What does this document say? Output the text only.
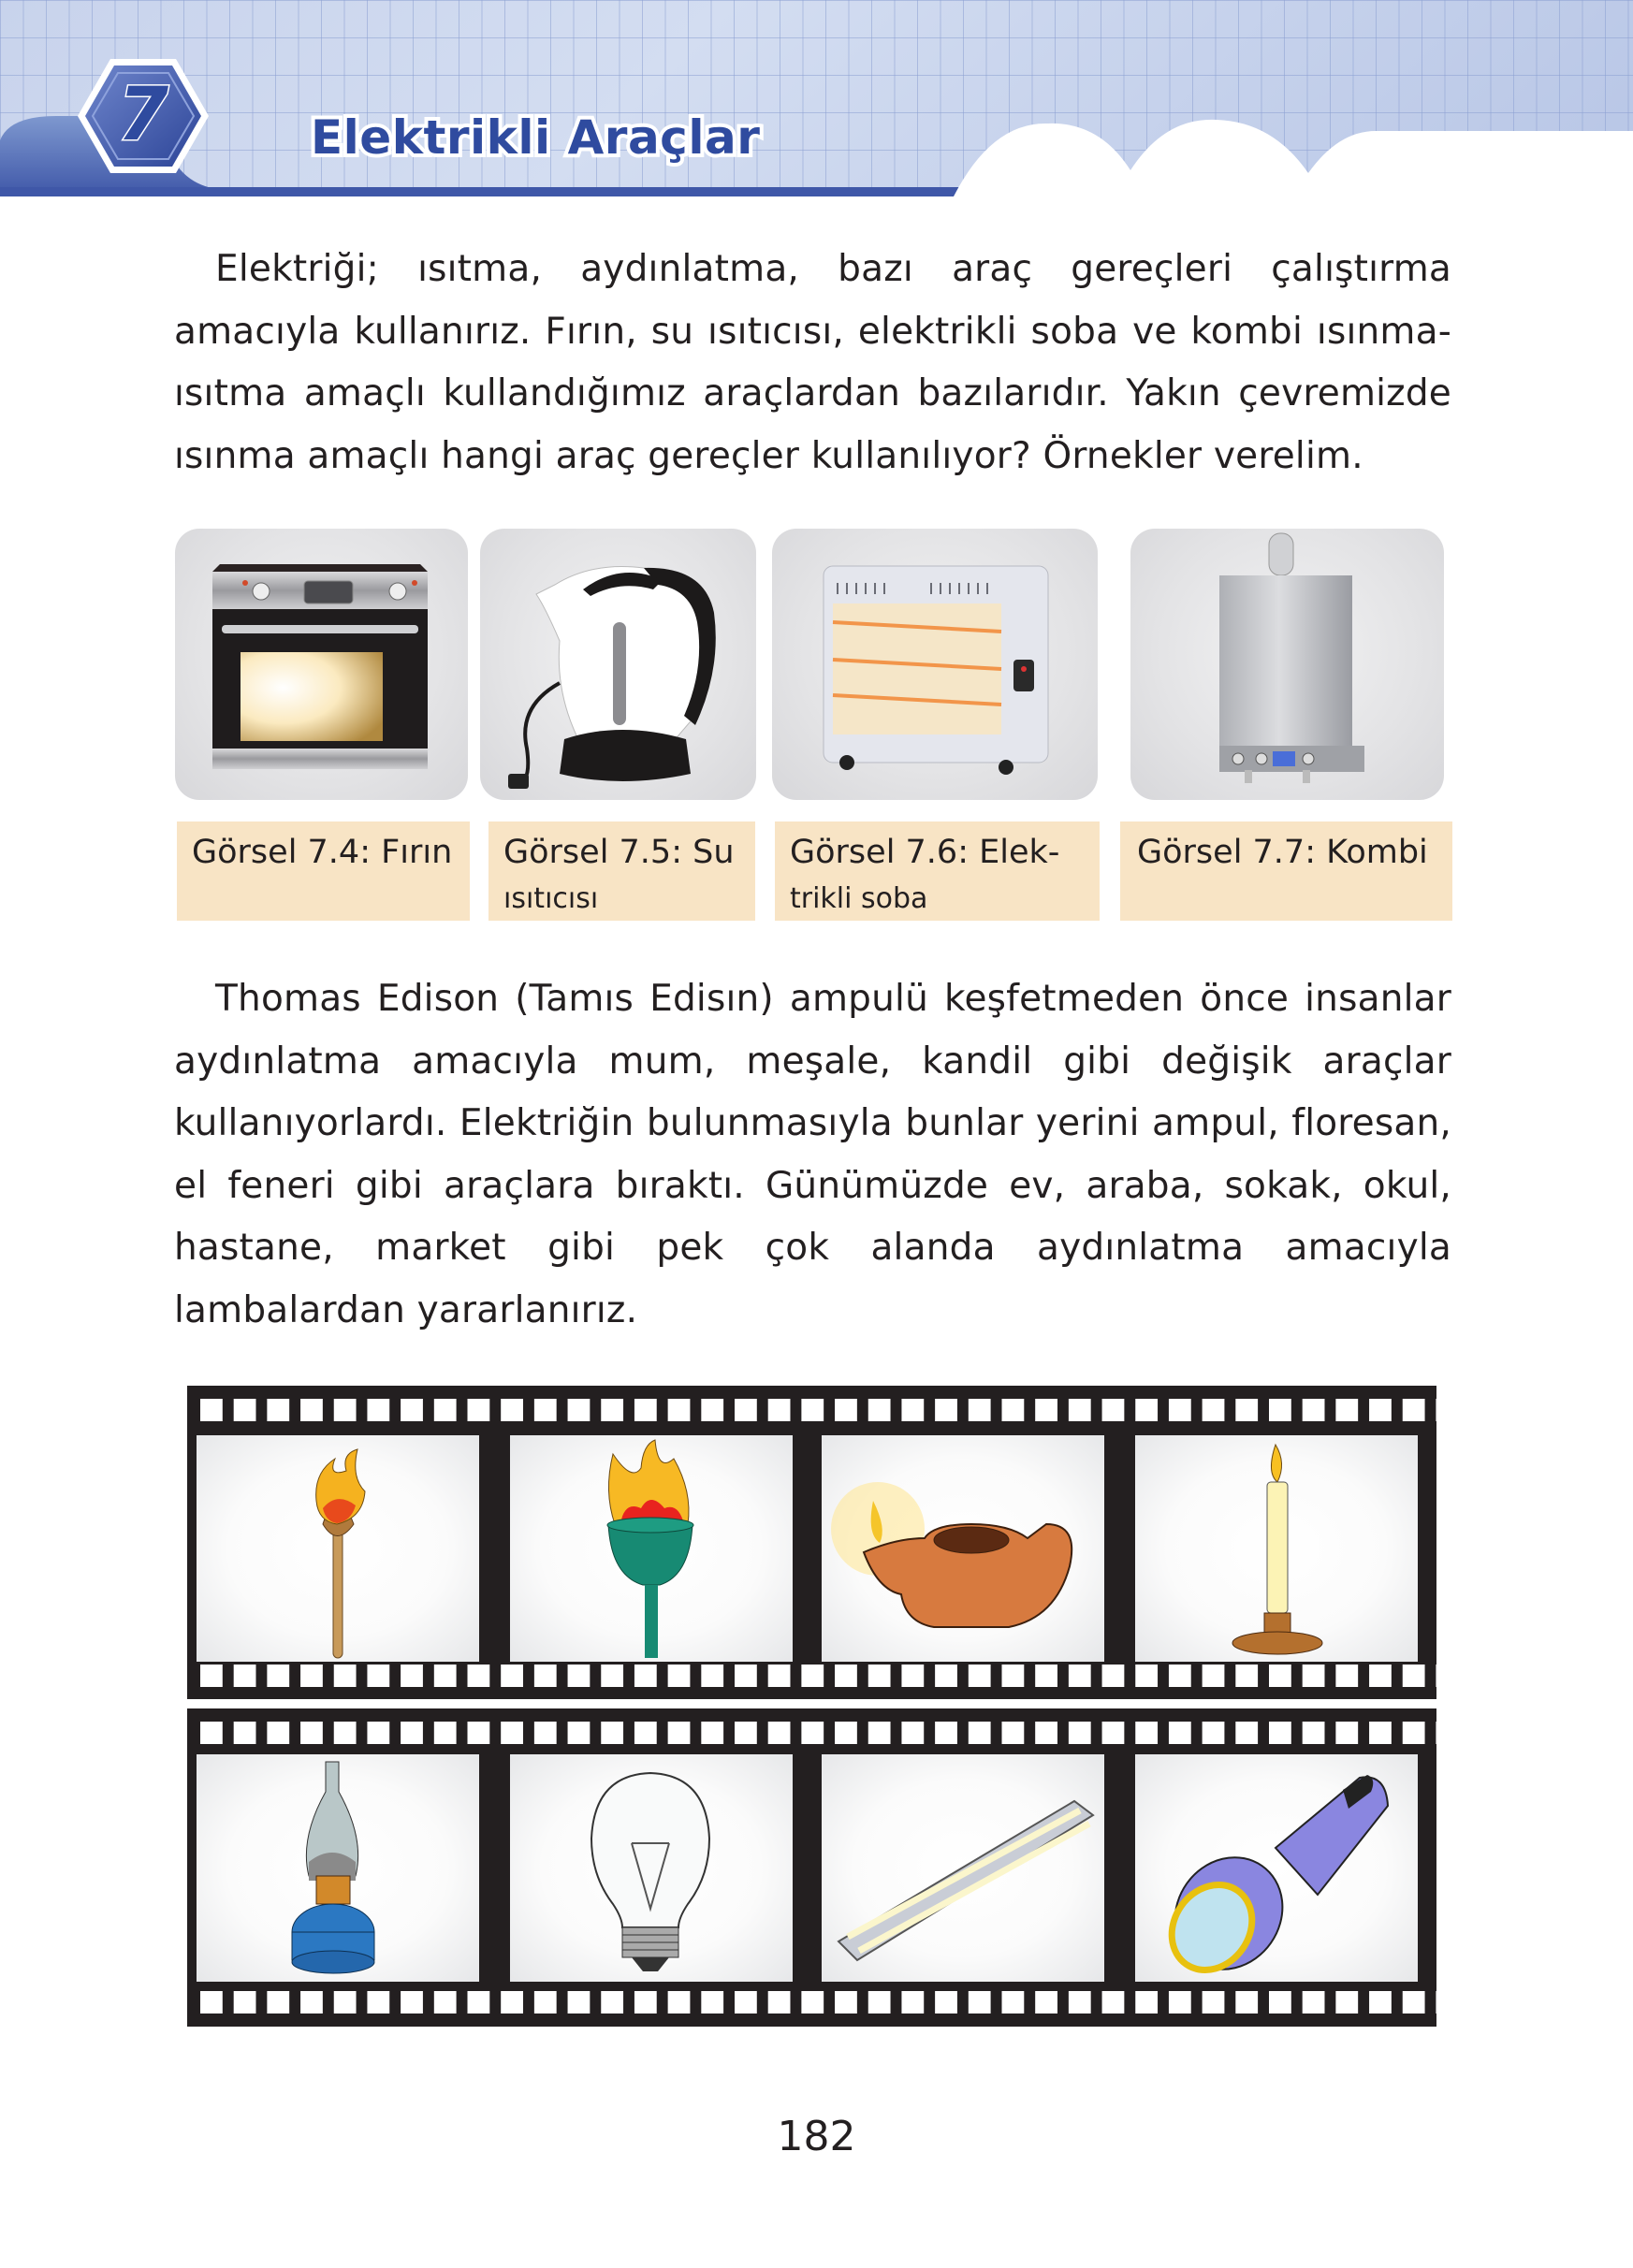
7	Elektrikli Araçlar

Elektriği; ısıtma, aydınlatma, bazı araç gereçleri çalıştırma amacıyla kullanırız. Fırın, su ısıtıcısı, elektrikli soba ve kombi ısınma-ısıtma amaçlı kullandığımız araçlardan bazılarıdır. Yakın çevremizde ısınma amaçlı hangi araç gereçler kullanılıyor? Örnekler verelim.

Görsel 7.4: Fırın	Görsel 7.5: Su
ısıtıcısı
Görsel 7.6: Elek-
trikli soba
Görsel 7.7: Kombi

Thomas Edison (Tamıs Edisın) ampulü keşfetmeden önce insanlar aydınlatma amacıyla mum, meşale, kandil gibi değişik araçlar kullanıyorlardı. Elektriğin bulunmasıyla bunlar yerini ampul, floresan, el feneri gibi araçlara bıraktı. Günümüzde ev, araba, sokak, okul, hastane, market gibi pek çok alanda aydınlatma amacıyla lambalardan yararlanırız.

182
